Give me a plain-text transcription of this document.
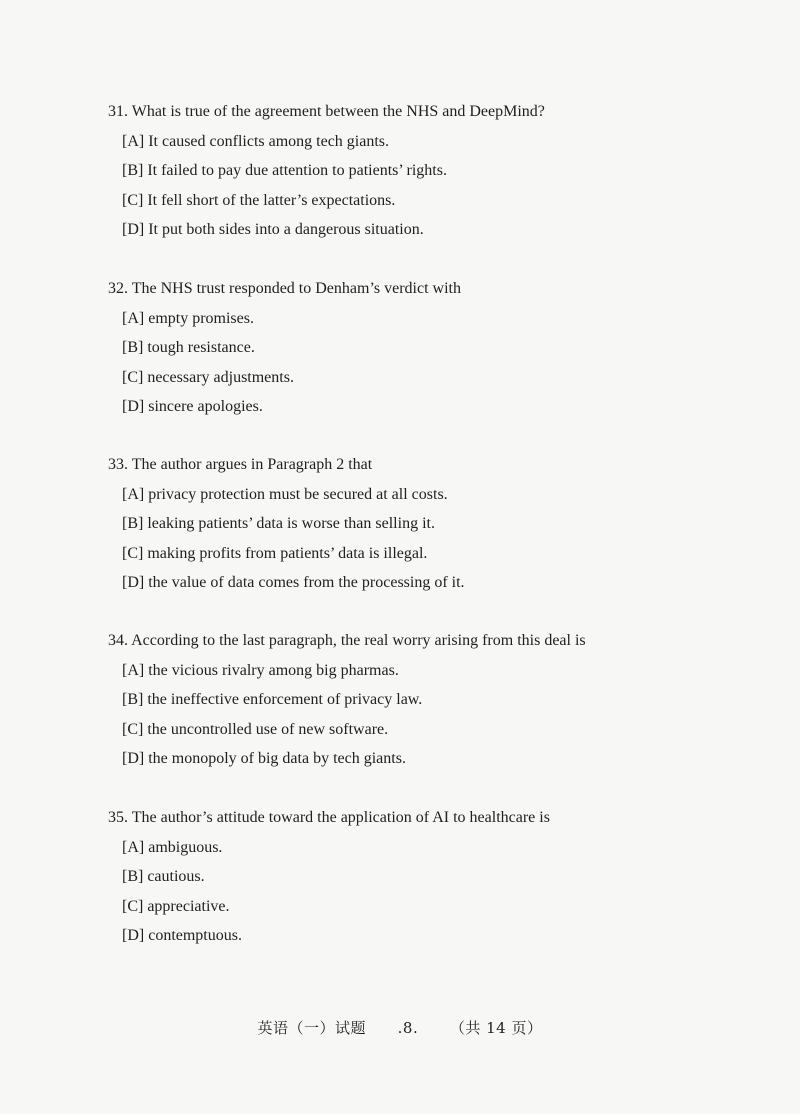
31. What is true of the agreement between the NHS and DeepMind?

[A] It caused conflicts among tech giants.

[B] It failed to pay due attention to patients’ rights.

[C] It fell short of the latter’s expectations.

[D] It put both sides into a dangerous situation.

32. The NHS trust responded to Denham’s verdict with

[A] empty promises.

[B] tough resistance.

[C] necessary adjustments.

[D] sincere apologies.

33. The author argues in Paragraph 2 that

[A] privacy protection must be secured at all costs.

[B] leaking patients’ data is worse than selling it.

[C] making profits from patients’ data is illegal.

[D] the value of data comes from the processing of it.

34. According to the last paragraph, the real worry arising from this deal is

[A] the vicious rivalry among big pharmas.

[B] the ineffective enforcement of privacy law.

[C] the uncontrolled use of new software.

[D] the monopoly of big data by tech giants.

35. The author’s attitude toward the application of AI to healthcare is

[A] ambiguous.

[B] cautious.

[C] appreciative.

[D] contemptuous.

英语（一）试题 .8. （共 14 页）
